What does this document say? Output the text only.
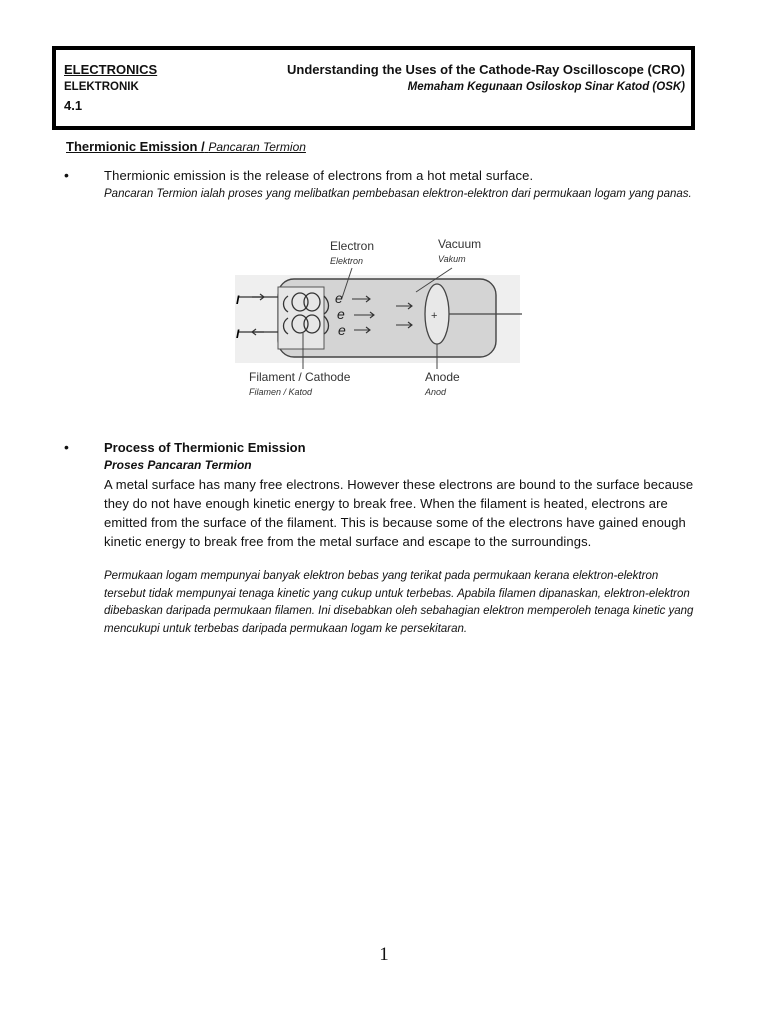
ELECTRONICS
ELEKTRONIK
4.1
Understanding the Uses of the Cathode-Ray Oscilloscope (CRO)
Memaham Kegunaan Osiloskop Sinar Katod (OSK)
Thermionic Emission / Pancaran Termion
•	Thermionic emission is the release of electrons from a hot metal surface.
Pancaran Termion ialah proses yang melibatkan pembebasan elektron-elektron dari permukaan logam yang panas.
I
I
e
e
e
+
Electron
Elektron
Vacuum
Vakum
Filament / Cathode
Filamen / Katod
Anode
Anod
•	Process of Thermionic Emission
Proses Pancaran Termion
A metal surface has many free electrons. However these electrons are bound to the surface because they do not have enough kinetic energy to break free. When the filament is heated, electrons are emitted from the surface of the filament. This is because some of the electrons have gained enough kinetic energy to break free from the metal surface and escape to the surroundings.
Permukaan logam mempunyai banyak elektron bebas yang terikat pada permukaan kerana elektron-elektron tersebut tidak mempunyai tenaga kinetic yang cukup untuk terbebas. Apabila filamen dipanaskan, elektron-elektron dibebaskan daripada permukaan filamen. Ini disebabkan oleh sebahagian elektron memperoleh tenaga kinetic yang mencukupi untuk terbebas daripada permukaan logam ke persekitaran.
1
